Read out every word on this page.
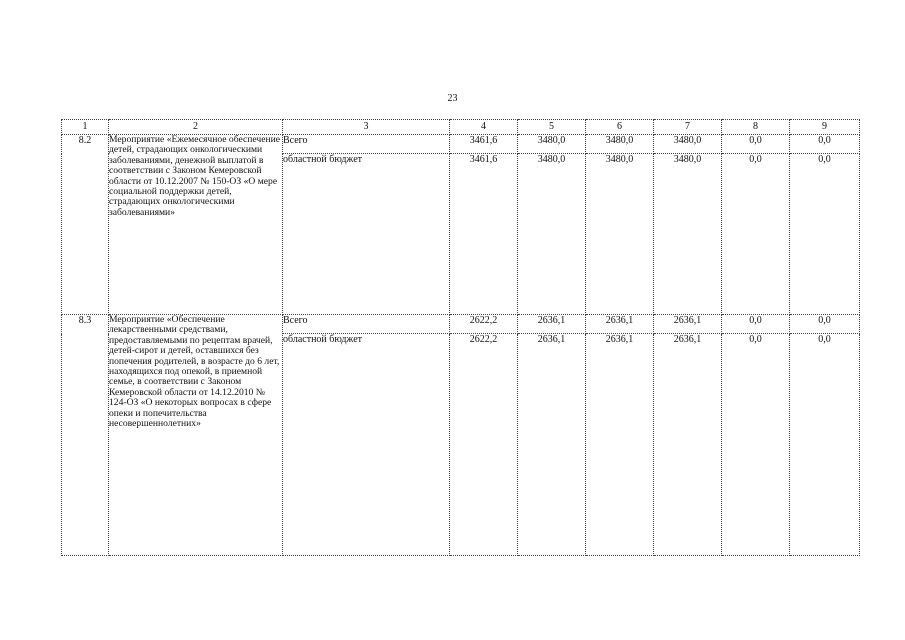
23
1	2	3	4	5	6	7	8	9
8.2	Мероприятие «Ежемесячное обеспечение детей, страдающих онкологическими заболеваниями, денежной выплатой в соответствии с Законом Кемеровской области от 10.12.2007 № 150-ОЗ «О мере социальной поддержки детей, страдающих онкологическими заболеваниями»	Всего	3461,6	3480,0	3480,0	3480,0	0,0	0,0
		областной бюджет	3461,6	3480,0	3480,0	3480,0	0,0	0,0
8.3	Мероприятие «Обеспечение лекарственными средствами, предоставляемыми по рецептам врачей, детей-сирот и детей, оставшихся без попечения родителей, в возрасте до 6 лет, находящихся под опекой, в приемной семье, в соответствии с Законом Кемеровской области от 14.12.2010 № 124-ОЗ «О некоторых вопросах в сфере опеки и попечительства несовершеннолетних»	Всего	2622,2	2636,1	2636,1	2636,1	0,0	0,0
		областной бюджет	2622,2	2636,1	2636,1	2636,1	0,0	0,0
